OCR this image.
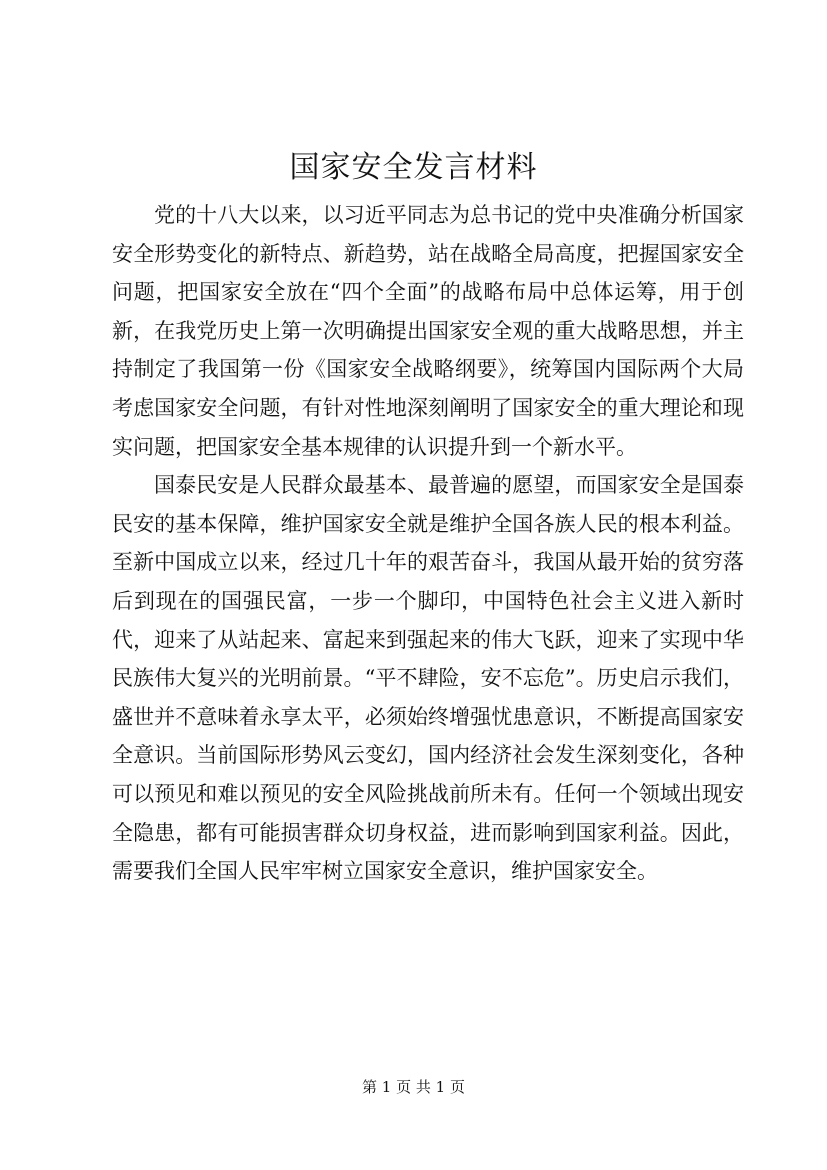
国家安全发言材料

党的十八大以来，以习近平同志为总书记的党中央准确分析国家安全形势变化的新特点、新趋势，站在战略全局高度，把握国家安全问题，把国家安全放在“四个全面”的战略布局中总体运筹，用于创新，在我党历史上第一次明确提出国家安全观的重大战略思想，并主持制定了我国第一份《国家安全战略纲要》，统筹国内国际两个大局考虑国家安全问题，有针对性地深刻阐明了国家安全的重大理论和现实问题，把国家安全基本规律的认识提升到一个新水平。

国泰民安是人民群众最基本、最普遍的愿望，而国家安全是国泰民安的基本保障，维护国家安全就是维护全国各族人民的根本利益。至新中国成立以来，经过几十年的艰苦奋斗，我国从最开始的贫穷落后到现在的国强民富，一步一个脚印，中国特色社会主义进入新时代，迎来了从站起来、富起来到强起来的伟大飞跃，迎来了实现中华民族伟大复兴的光明前景。“平不肆险，安不忘危”。历史启示我们，盛世并不意味着永享太平，必须始终增强忧患意识，不断提高国家安全意识。当前国际形势风云变幻，国内经济社会发生深刻变化，各种可以预见和难以预见的安全风险挑战前所未有。任何一个领域出现安全隐患，都有可能损害群众切身权益，进而影响到国家利益。因此，需要我们全国人民牢牢树立国家安全意识，维护国家安全。

第 1 页 共 1 页
